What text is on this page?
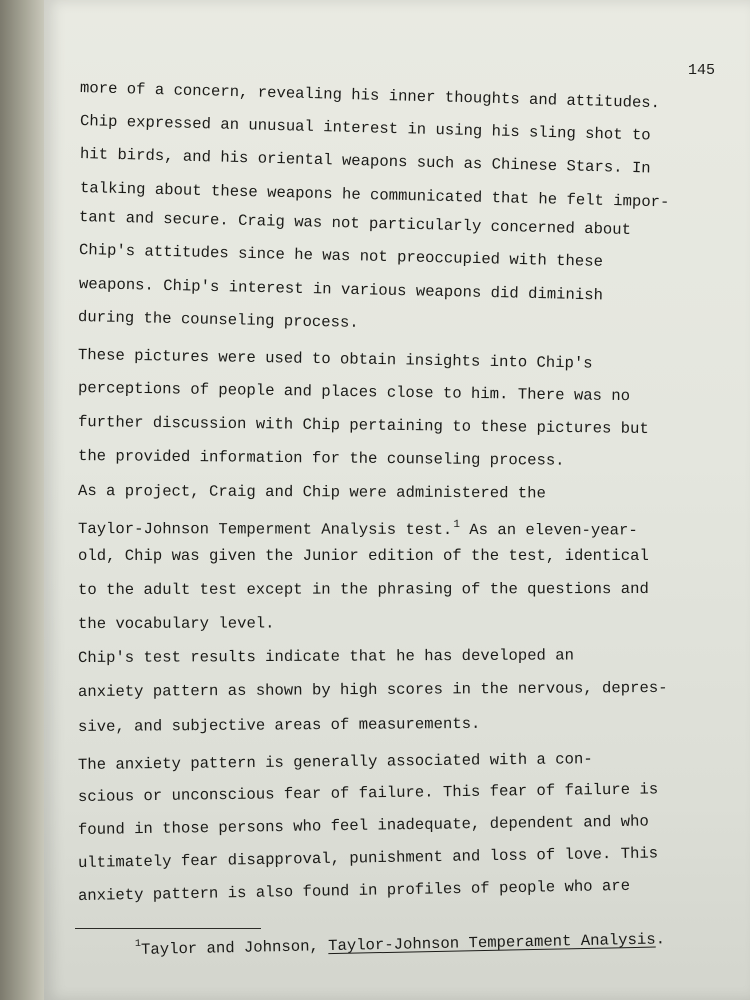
145

more of a concern, revealing his inner thoughts and attitudes.

Chip expressed an unusual interest in using his sling shot to

hit birds, and his oriental weapons such as Chinese Stars. In

talking about these weapons he communicated that he felt impor-

tant and secure. Craig was not particularly concerned about

Chip's attitudes since he was not preoccupied with these

weapons. Chip's interest in various weapons did diminish

during the counseling process.

These pictures were used to obtain insights into Chip's

perceptions of people and places close to him. There was no

further discussion with Chip pertaining to these pictures but

the provided information for the counseling process.

As a project, Craig and Chip were administered the

Taylor-Johnson Temperment Analysis test.$^1$ As an eleven-year-

old, Chip was given the Junior edition of the test, identical

to the adult test except in the phrasing of the questions and

the vocabulary level.

Chip's test results indicate that he has developed an

anxiety pattern as shown by high scores in the nervous, depres-

sive, and subjective areas of measurements.

The anxiety pattern is generally associated with a con-

scious or unconscious fear of failure. This fear of failure is

found in those persons who feel inadequate, dependent and who

ultimately fear disapproval, punishment and loss of love. This

anxiety pattern is also found in profiles of people who are

$^1$Taylor and Johnson, Taylor-Johnson Temperament Analysis.
